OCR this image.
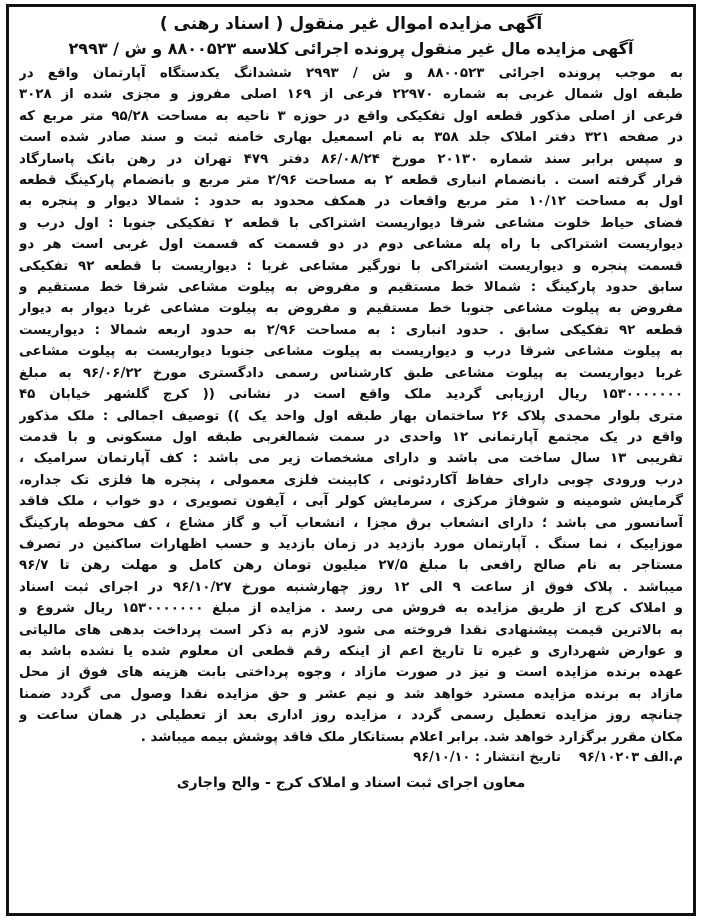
آگهی مزایده اموال غیر منقول ( اسناد رهنی )
آگهی مزایده مال غیر منقول پرونده اجرائی کلاسه ۸۸۰۰۵۲۳ و ش / ۲۹۹۳
به موجب پرونده اجرائی ۸۸۰۰۵۲۳ و ش / ۲۹۹۳ ششدانگ یکدستگاه آپارتمان واقع در
طبقه اول شمال غربی به شماره ۲۲۹۷۰ فرعی از ۱۶۹ اصلی مفروز و مجزی شده از ۳۰۲۸
فرعی از اصلی مذکور قطعه اول تفکیکی واقع در حوزه ۳ ناحیه به مساحت ۹۵/۲۸ متر مربع که
در صفحه ۳۲۱ دفتر املاک جلد ۳۵۸ به نام اسمعیل بهاری خامنه ثبت و سند صادر شده است
و سپس برابر سند شماره ۲۰۱۳۰ مورخ ۸۶/۰۸/۲۴ دفتر ۴۷۹ تهران در رهن بانک پاسارگاد
قرار گرفته است . بانضمام انباری قطعه ۲ به مساحت ۲/۹۶ متر مربع و بانضمام پارکینگ قطعه
اول به مساحت ۱۰/۱۲ متر مربع واقعات در همکف محدود به حدود : شمالا دیوار و پنجره به
فضای حیاط خلوت مشاعی شرقا دیواریست اشتراکی با قطعه ۲ تفکیکی جنوبا : اول درب و
دیواریست اشتراکی با راه پله مشاعی دوم در دو قسمت که قسمت اول غربی است هر دو
قسمت پنجره و دیواریست اشتراکی با نورگیر مشاعی غربا : دیواریست با قطعه ۹۲ تفکیکی
سابق حدود پارکینگ : شمالا خط مستقیم و مفروض به پیلوت مشاعی شرقا خط مستقیم و
مفروض به پیلوت مشاعی جنوبا خط مستقیم و مفروض به پیلوت مشاعی غربا دیوار به دیوار
قطعه ۹۲ تفکیکی سابق . حدود انباری : به مساحت ۲/۹۶ به حدود اربعه شمالا : دیواریست
به پیلوت مشاعی شرقا درب و دیواریست به پیلوت مشاعی جنوبا دیواریست به پیلوت مشاعی
غربا دیواریست به پیلوت مشاعی طبق کارشناس رسمی دادگستری مورخ ۹۶/۰۶/۲۲ به مبلغ
۱۵۳۰۰۰۰۰۰۰ ریال ارزیابی گردید ملک واقع است در نشانی (( کرج گلشهر خیابان ۴۵
متری بلوار محمدی پلاک ۲۶ ساختمان بهار طبقه اول واحد یک )) توصیف اجمالی : ملک مذکور
واقع در یک مجتمع آپارتمانی ۱۲ واحدی در سمت شمالغربی طبقه اول مسکونی و با قدمت
تقریبی ۱۳ سال ساخت می باشد و دارای مشخصات زیر می باشد : کف آپارتمان سرامیک ،
درب ورودی چوبی دارای حفاظ آکاردئونی ، کابینت فلزی معمولی ، پنجره ها فلزی تک جداره،
گرمایش شومینه و شوفاژ مرکزی ، سرمایش کولر آبی ، آیفون تصویری ، دو خواب ، ملک فاقد
آسانسور می باشد ؛ دارای انشعاب برق مجزا ، انشعاب آب و گاز مشاع ، کف محوطه پارکینگ
موزاییک ، نما سنگ . آپارتمان مورد بازدید در زمان بازدید و حسب اظهارات ساکنین در تصرف
مستاجر به نام صالح رافعی با مبلغ ۲۷/۵ میلیون تومان رهن کامل و مهلت رهن تا ۹۶/۷
میباشد . پلاک فوق از ساعت ۹ الی ۱۲ روز چهارشنبه مورخ ۹۶/۱۰/۲۷ در اجرای ثبت اسناد
و املاک کرج از طریق مزایده به فروش می رسد . مزایده از مبلغ ۱۵۳۰۰۰۰۰۰۰ ریال شروع و
به بالاترین قیمت پیشنهادی نقدا فروخته می شود لازم به ذکر است پرداخت بدهی های مالیاتی
و عوارض شهرداری و غیره تا تاریخ اعم از اینکه رقم قطعی ان معلوم شده یا نشده باشد به
عهده برنده مزایده است و نیز در صورت مازاد ، وجوه پرداختی بابت هزینه های فوق از محل
مازاد به برنده مزایده مسترد خواهد شد و نیم عشر و حق مزایده نقدا وصول می گردد ضمنا
چنانچه روز مزایده تعطیل رسمی گردد ، مزایده روز اداری بعد از تعطیلی در همان ساعت و
مکان مقرر برگزارد خواهد شد. برابر اعلام بستانکار ملک فاقد پوشش بیمه میباشد .
م.الف ۹۶/۱۰۲۰۳
تاریخ انتشار : ۹۶/۱۰/۱۰
معاون اجرای ثبت اسناد و املاک کرج - والح واجاری
